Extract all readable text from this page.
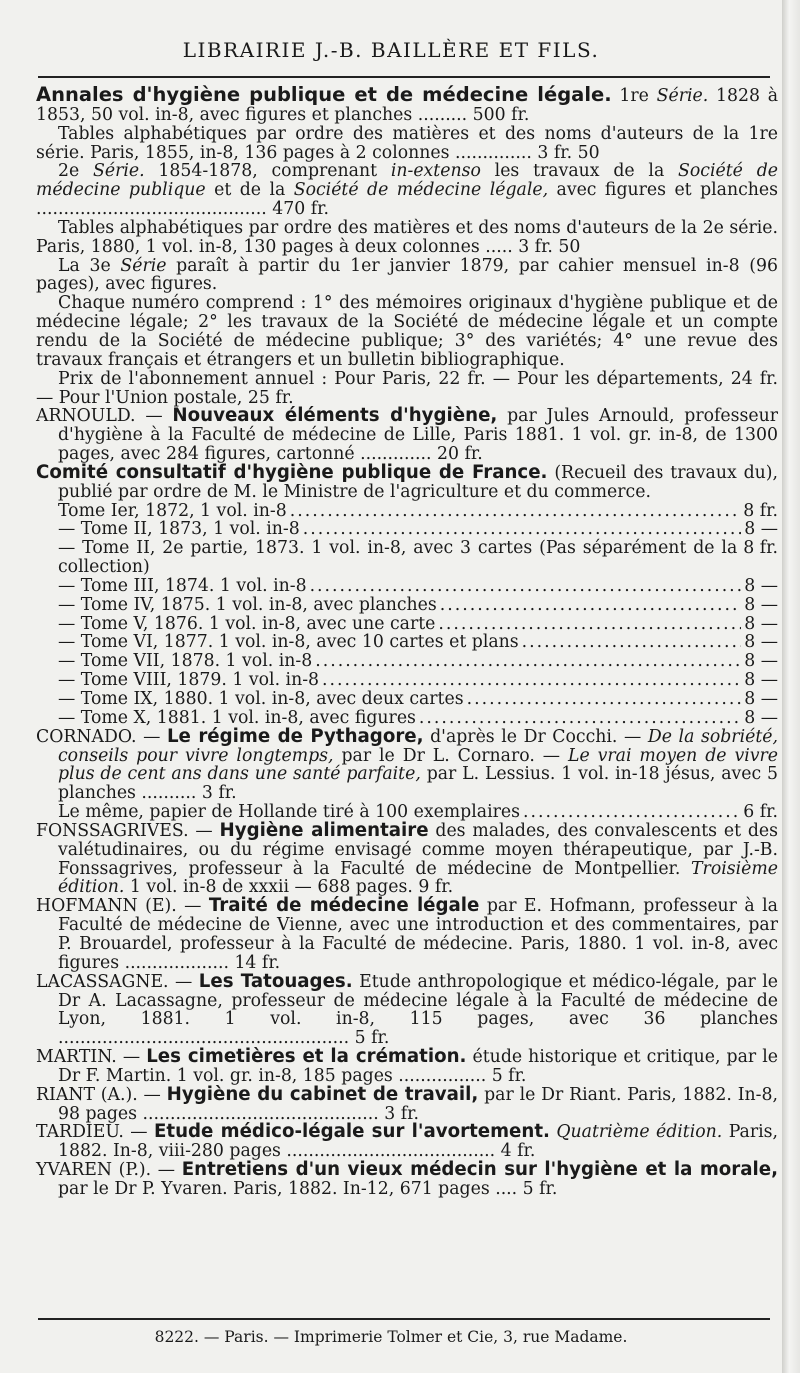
LIBRAIRIE J.-B. BAILLÈRE ET FILS.

Annales d'hygiène publique et de médecine légale. 1re Série. 1828 à 1853, 50 vol. in-8, avec figures et planches ......... 500 fr.

Tables alphabétiques par ordre des matières et des noms d'auteurs de la 1re série. Paris, 1855, in-8, 136 pages à 2 colonnes .............. 3 fr. 50

2e Série. 1854-1878, comprenant in-extenso les travaux de la Société de médecine publique et de la Société de médecine légale, avec figures et planches .......................................... 470 fr.

Tables alphabétiques par ordre des matières et des noms d'auteurs de la 2e série. Paris, 1880, 1 vol. in-8, 130 pages à deux colonnes ..... 3 fr. 50

La 3e Série paraît à partir du 1er janvier 1879, par cahier mensuel in-8 (96 pages), avec figures.

Chaque numéro comprend : 1° des mémoires originaux d'hygiène publique et de médecine légale; 2° les travaux de la Société de médecine légale et un compte rendu de la Société de médecine publique; 3° des variétés; 4° une revue des travaux français et étrangers et un bulletin bibliographique.

Prix de l'abonnement annuel : Pour Paris, 22 fr. — Pour les départements, 24 fr. — Pour l'Union postale, 25 fr.

ARNOULD. — Nouveaux éléments d'hygiène, par Jules Arnould, professeur d'hygiène à la Faculté de médecine de Lille, Paris 1881. 1 vol. gr. in-8, de 1300 pages, avec 284 figures, cartonné ............. 20 fr.

Comité consultatif d'hygiène publique de France. (Recueil des travaux du), publié par ordre de M. le Ministre de l'agriculture et du commerce.

Tome Ier, 1872, 1 vol. in-8 .....	8 fr.
— Tome II, 1873, 1 vol. in-8 .....	8 —
— Tome II, 2e partie, 1873. 1 vol. in-8, avec 3 cartes (Pas séparément de la collection)
8 fr.
— Tome III, 1874. 1 vol. in-8 .....	8 —
— Tome IV, 1875. 1 vol. in-8, avec planches .....	8 —
— Tome V, 1876. 1 vol. in-8, avec une carte .....	8 —
— Tome VI, 1877. 1 vol. in-8, avec 10 cartes et plans .....	8 —
— Tome VII, 1878. 1 vol. in-8 .....	8 —
— Tome VIII, 1879. 1 vol. in-8 .....	8 —
— Tome IX, 1880. 1 vol. in-8, avec deux cartes .....	8 —
— Tome X, 1881. 1 vol. in-8, avec figures .....	8 —

CORNADO. — Le régime de Pythagore, d'après le Dr Cocchi. — De la sobriété, conseils pour vivre longtemps, par le Dr L. Cornaro. — Le vrai moyen de vivre plus de cent ans dans une santé parfaite, par L. Lessius. 1 vol. in-18 jésus, avec 5 planches .......... 3 fr.

Le même, papier de Hollande tiré à 100 exemplaires .....	6 fr.

FONSSAGRIVES. — Hygiène alimentaire des malades, des convalescents et des valétudinaires, ou du régime envisagé comme moyen thérapeutique, par J.-B. Fonssagrives, professeur à la Faculté de médecine de Montpellier. Troisième édition. 1 vol. in-8 de xxxii — 688 pages. 9 fr.

HOFMANN (E). — Traité de médecine légale par E. Hofmann, professeur à la Faculté de médecine de Vienne, avec une introduction et des commentaires, par P. Brouardel, professeur à la Faculté de médecine. Paris, 1880. 1 vol. in-8, avec figures ................... 14 fr.

LACASSAGNE. — Les Tatouages. Etude anthropologique et médico-légale, par le Dr A. Lacassagne, professeur de médecine légale à la Faculté de médecine de Lyon, 1881. 1 vol. in-8, 115 pages, avec 36 planches ..................................................... 5 fr.

MARTIN. — Les cimetières et la crémation. étude historique et critique, par le Dr F. Martin. 1 vol. gr. in-8, 185 pages ................ 5 fr.

RIANT (A.). — Hygiène du cabinet de travail, par le Dr Riant. Paris, 1882. In-8, 98 pages ........................................... 3 fr.

TARDIEU. — Etude médico-légale sur l'avortement. Quatrième édition. Paris, 1882. In-8, viii-280 pages ...................................... 4 fr.

YVAREN (P.). — Entretiens d'un vieux médecin sur l'hygiène et la morale, par le Dr P. Yvaren. Paris, 1882. In-12, 671 pages .... 5 fr.

8222. — Paris. — Imprimerie Tolmer et Cie, 3, rue Madame.
